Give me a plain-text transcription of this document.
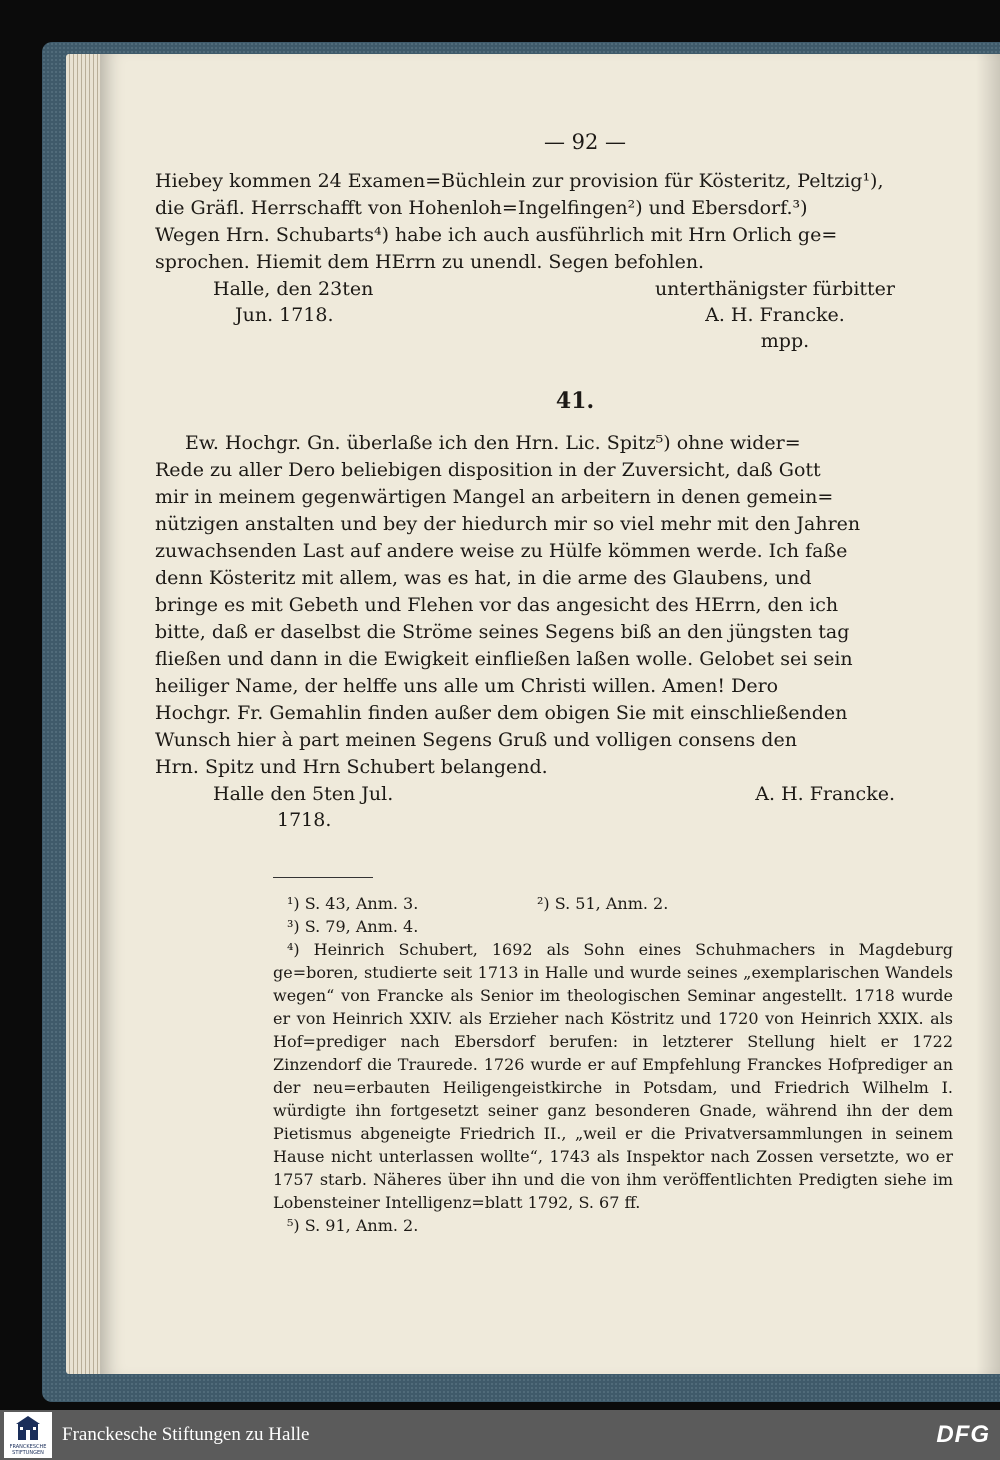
— 92 —

Hiebey kommen 24 Examen=Büchlein zur provision für Kösteritz, Peltzig¹),
die Gräfl. Herrschafft von Hohenloh=Ingelfingen²) und Ebersdorf.³)
Wegen Hrn. Schubarts⁴) habe ich auch ausführlich mit Hrn Orlich ge=
sprochen. Hiemit dem HErrn zu unendl. Segen befohlen.

Halle, den 23ten
Jun. 1718.
unterthänigster fürbitter
A. H. Francke.
mpp.
41.

Ew. Hochgr. Gn. überlaße ich den Hrn. Lic. Spitz⁵) ohne wider=
Rede zu aller Dero beliebigen disposition in der Zuversicht, daß Gott
mir in meinem gegenwärtigen Mangel an arbeitern in denen gemein=
nützigen anstalten und bey der hiedurch mir so viel mehr mit den Jahren
zuwachsenden Last auf andere weise zu Hülfe kömmen werde. Ich faße
denn Kösteritz mit allem, was es hat, in die arme des Glaubens, und
bringe es mit Gebeth und Flehen vor das angesicht des HErrn, den ich
bitte, daß er daselbst die Ströme seines Segens biß an den jüngsten tag
fließen und dann in die Ewigkeit einfließen laßen wolle. Gelobet sei sein
heiliger Name, der helffe uns alle um Christi willen. Amen! Dero
Hochgr. Fr. Gemahlin finden außer dem obigen Sie mit einschließenden
Wunsch hier à part meinen Segens Gruß und volligen consens den
Hrn. Spitz und Hrn Schubert belangend.

Halle den 5ten Jul.
1718.
A. H. Francke.
¹) S. 43, Anm. 3.	²) S. 51, Anm. 2.
³) S. 79, Anm. 4.

⁴) Heinrich Schubert, 1692 als Sohn eines Schuhmachers in Magdeburg ge=boren, studierte seit 1713 in Halle und wurde seines „exemplarischen Wandels wegen“ von Francke als Senior im theologischen Seminar angestellt. 1718 wurde er von Heinrich XXIV. als Erzieher nach Köstritz und 1720 von Heinrich XXIX. als Hof=prediger nach Ebersdorf berufen: in letzterer Stellung hielt er 1722 Zinzendorf die Traurede. 1726 wurde er auf Empfehlung Franckes Hofprediger an der neu=erbauten Heiligengeistkirche in Potsdam, und Friedrich Wilhelm I. würdigte ihn fortgesetzt seiner ganz besonderen Gnade, während ihn der dem Pietismus abgeneigte Friedrich II., „weil er die Privatversammlungen in seinem Hause nicht unterlassen wollte“, 1743 als Inspektor nach Zossen versetzte, wo er 1757 starb. Näheres über ihn und die von ihm veröffentlichten Predigten siehe im Lobensteiner Intelligenz=blatt 1792, S. 67 ff.

⁵) S. 91, Anm. 2.
FRANCKESCHE STIFTUNGEN
Franckesche Stiftungen zu Halle	DFG
